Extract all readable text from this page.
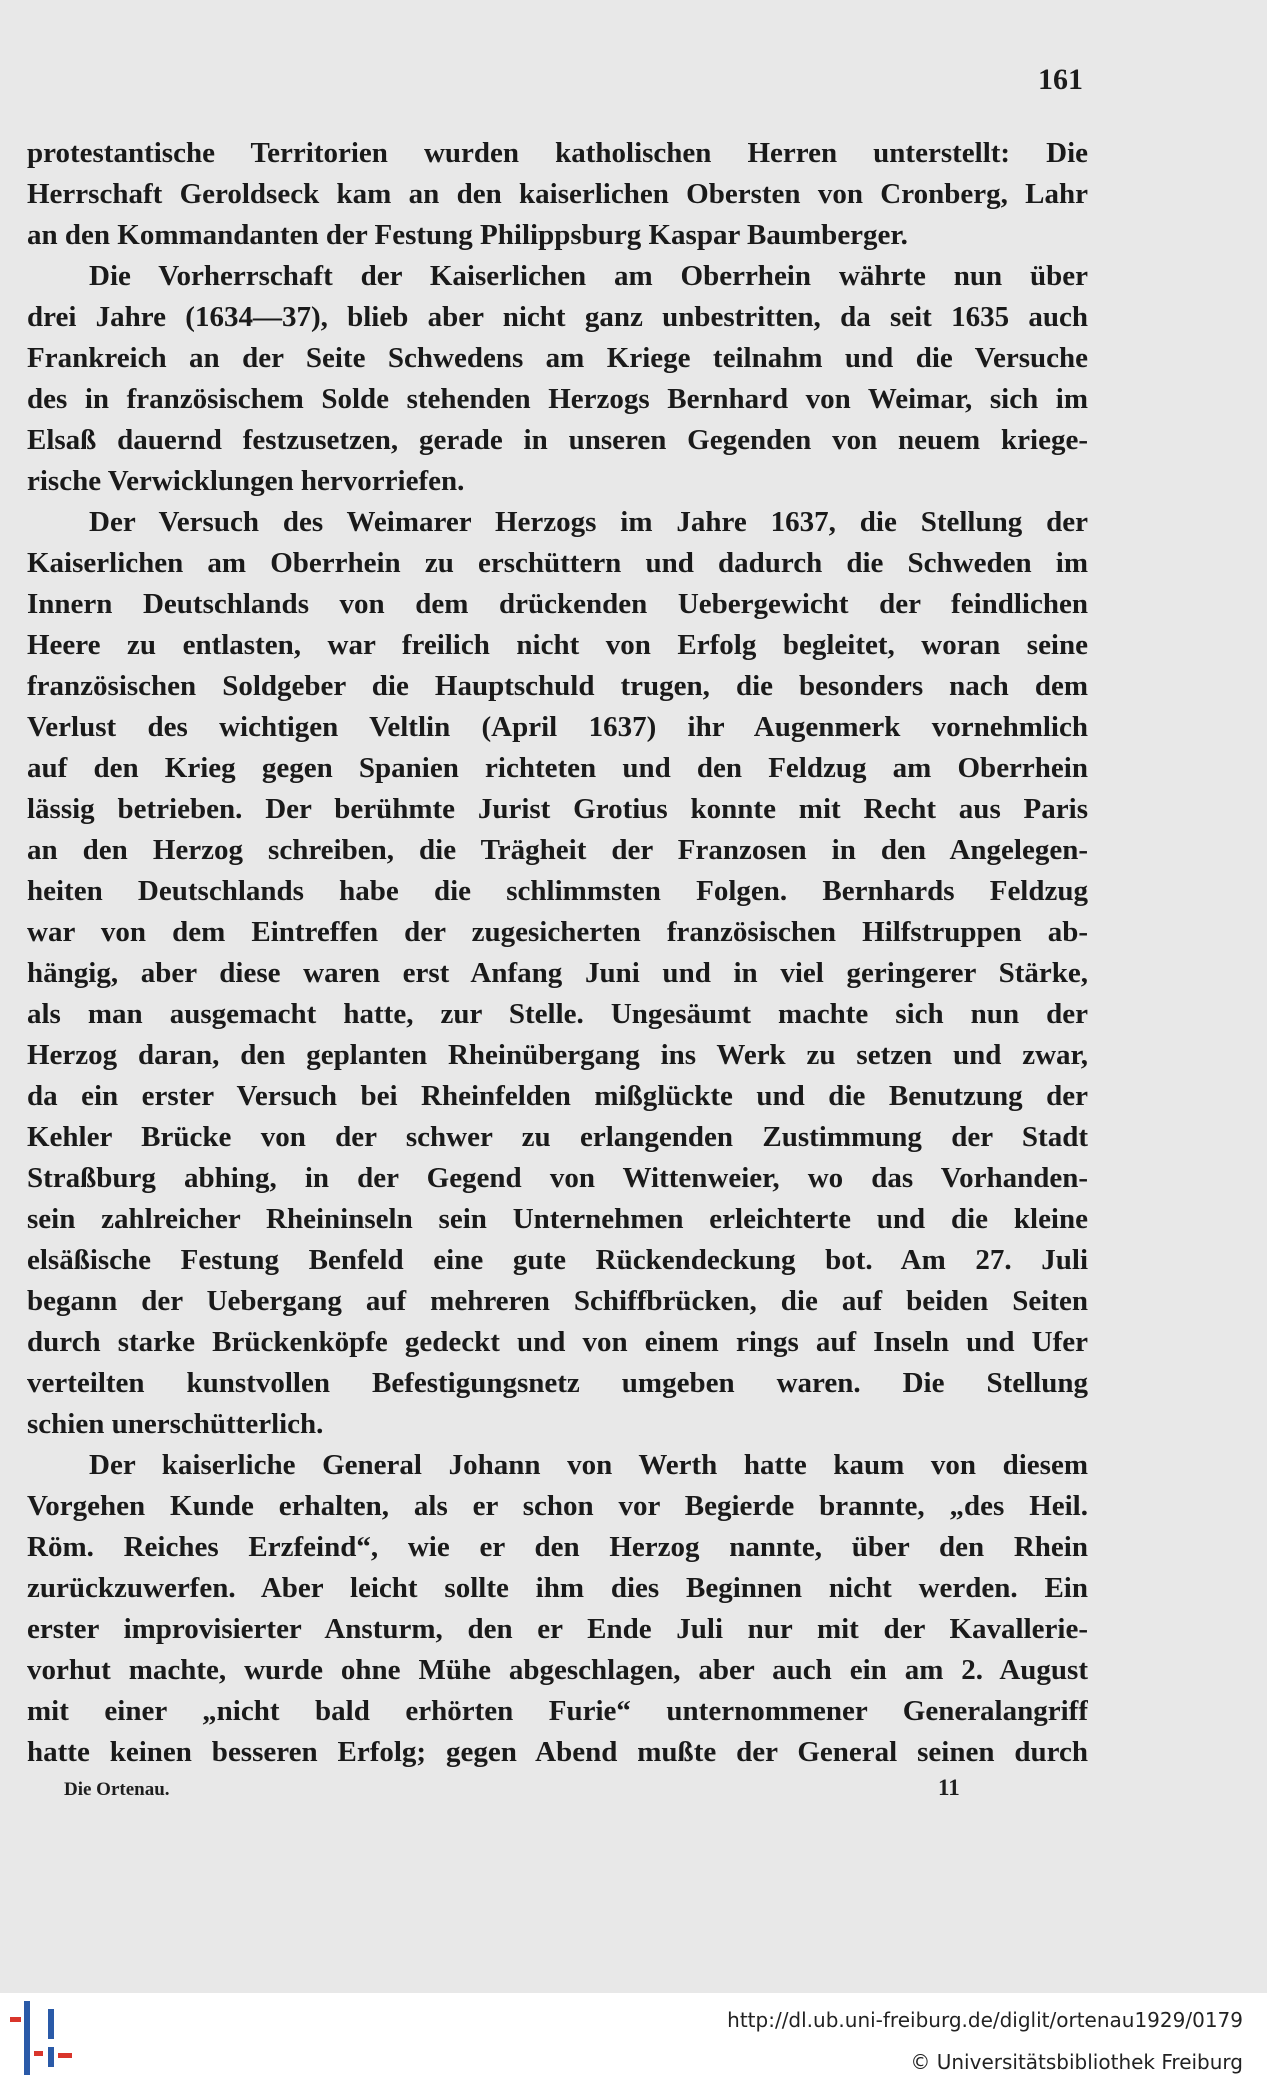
161
protestantische Territorien wurden katholischen Herren unterstellt: Die
Herrschaft Geroldseck kam an den kaiserlichen Obersten von Cronberg, Lahr
an den Kommandanten der Festung Philippsburg Kaspar Baumberger.
Die Vorherrschaft der Kaiserlichen am Oberrhein währte nun über
drei Jahre (1634—37), blieb aber nicht ganz unbestritten, da seit 1635 auch
Frankreich an der Seite Schwedens am Kriege teilnahm und die Versuche
des in französischem Solde stehenden Herzogs Bernhard von Weimar, sich im
Elsaß dauernd festzusetzen, gerade in unseren Gegenden von neuem kriege-
rische Verwicklungen hervorriefen.
Der Versuch des Weimarer Herzogs im Jahre 1637, die Stellung der
Kaiserlichen am Oberrhein zu erschüttern und dadurch die Schweden im
Innern Deutschlands von dem drückenden Uebergewicht der feindlichen
Heere zu entlasten, war freilich nicht von Erfolg begleitet, woran seine
französischen Soldgeber die Hauptschuld trugen, die besonders nach dem
Verlust des wichtigen Veltlin (April 1637) ihr Augenmerk vornehmlich
auf den Krieg gegen Spanien richteten und den Feldzug am Oberrhein
lässig betrieben. Der berühmte Jurist Grotius konnte mit Recht aus Paris
an den Herzog schreiben, die Trägheit der Franzosen in den Angelegen-
heiten Deutschlands habe die schlimmsten Folgen. Bernhards Feldzug
war von dem Eintreffen der zugesicherten französischen Hilfstruppen ab-
hängig, aber diese waren erst Anfang Juni und in viel geringerer Stärke,
als man ausgemacht hatte, zur Stelle. Ungesäumt machte sich nun der
Herzog daran, den geplanten Rheinübergang ins Werk zu setzen und zwar,
da ein erster Versuch bei Rheinfelden mißglückte und die Benutzung der
Kehler Brücke von der schwer zu erlangenden Zustimmung der Stadt
Straßburg abhing, in der Gegend von Wittenweier, wo das Vorhanden-
sein zahlreicher Rheininseln sein Unternehmen erleichterte und die kleine
elsäßische Festung Benfeld eine gute Rückendeckung bot. Am 27. Juli
begann der Uebergang auf mehreren Schiffbrücken, die auf beiden Seiten
durch starke Brückenköpfe gedeckt und von einem rings auf Inseln und Ufer
verteilten kunstvollen Befestigungsnetz umgeben waren. Die Stellung
schien unerschütterlich.
Der kaiserliche General Johann von Werth hatte kaum von diesem
Vorgehen Kunde erhalten, als er schon vor Begierde brannte, „des Heil.
Röm. Reiches Erzfeind“, wie er den Herzog nannte, über den Rhein
zurückzuwerfen. Aber leicht sollte ihm dies Beginnen nicht werden. Ein
erster improvisierter Ansturm, den er Ende Juli nur mit der Kavallerie-
vorhut machte, wurde ohne Mühe abgeschlagen, aber auch ein am 2. August
mit einer „nicht bald erhörten Furie“ unternommener Generalangriff
hatte keinen besseren Erfolg; gegen Abend mußte der General seinen durch
Die Ortenau.	11
http://dl.ub.uni-freiburg.de/diglit/ortenau1929/0179
© Universitätsbibliothek Freiburg
